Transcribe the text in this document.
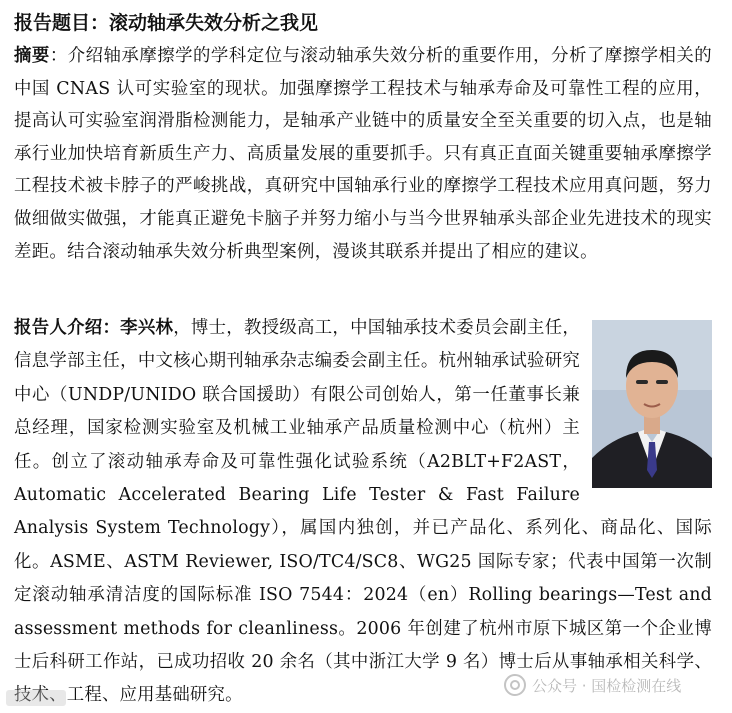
报告题目：滚动轴承失效分析之我见
摘要：介绍轴承摩擦学的学科定位与滚动轴承失效分析的重要作用，分析了摩擦学相关的中国 CNAS 认可实验室的现状。加强摩擦学工程技术与轴承寿命及可靠性工程的应用，提高认可实验室润滑脂检测能力，是轴承产业链中的质量安全至关重要的切入点，也是轴承行业加快培育新质生产力、高质量发展的重要抓手。只有真正直面关键重要轴承摩擦学工程技术被卡脖子的严峻挑战，真研究中国轴承行业的摩擦学工程技术应用真问题，努力做细做实做强，才能真正避免卡脑子并努力缩小与当今世界轴承头部企业先进技术的现实差距。结合滚动轴承失效分析典型案例，漫谈其联系并提出了相应的建议。
报告人介绍：李兴林，博士，教授级高工，中国轴承技术委员会副主任，信息学部主任，中文核心期刊轴承杂志编委会副主任。杭州轴承试验研究中心（UNDP/UNIDO 联合国援助）有限公司创始人，第一任董事长兼总经理，国家检测实验室及机械工业轴承产品质量检测中心（杭州）主任。创立了滚动轴承寿命及可靠性强化试验系统（A2BLT+F2AST，Automatic Accelerated Bearing Life Tester & Fast Failure Analysis System Technology），属国内独创，并已产品化、系列化、商品化、国际化。ASME、ASTM Reviewer, ISO/TC4/SC8、WG25 国际专家；代表中国第一次制定滚动轴承清洁度的国际标准 ISO 7544：2024（en）Rolling bearings—Test and assessment methods for cleanliness。2006 年创建了杭州市原下城区第一个企业博士后科研工作站，已成功招收 20 余名（其中浙江大学 9 名）博士后从事轴承相关科学、技术、工程、应用基础研究。	公众号 · 国检检测在线
